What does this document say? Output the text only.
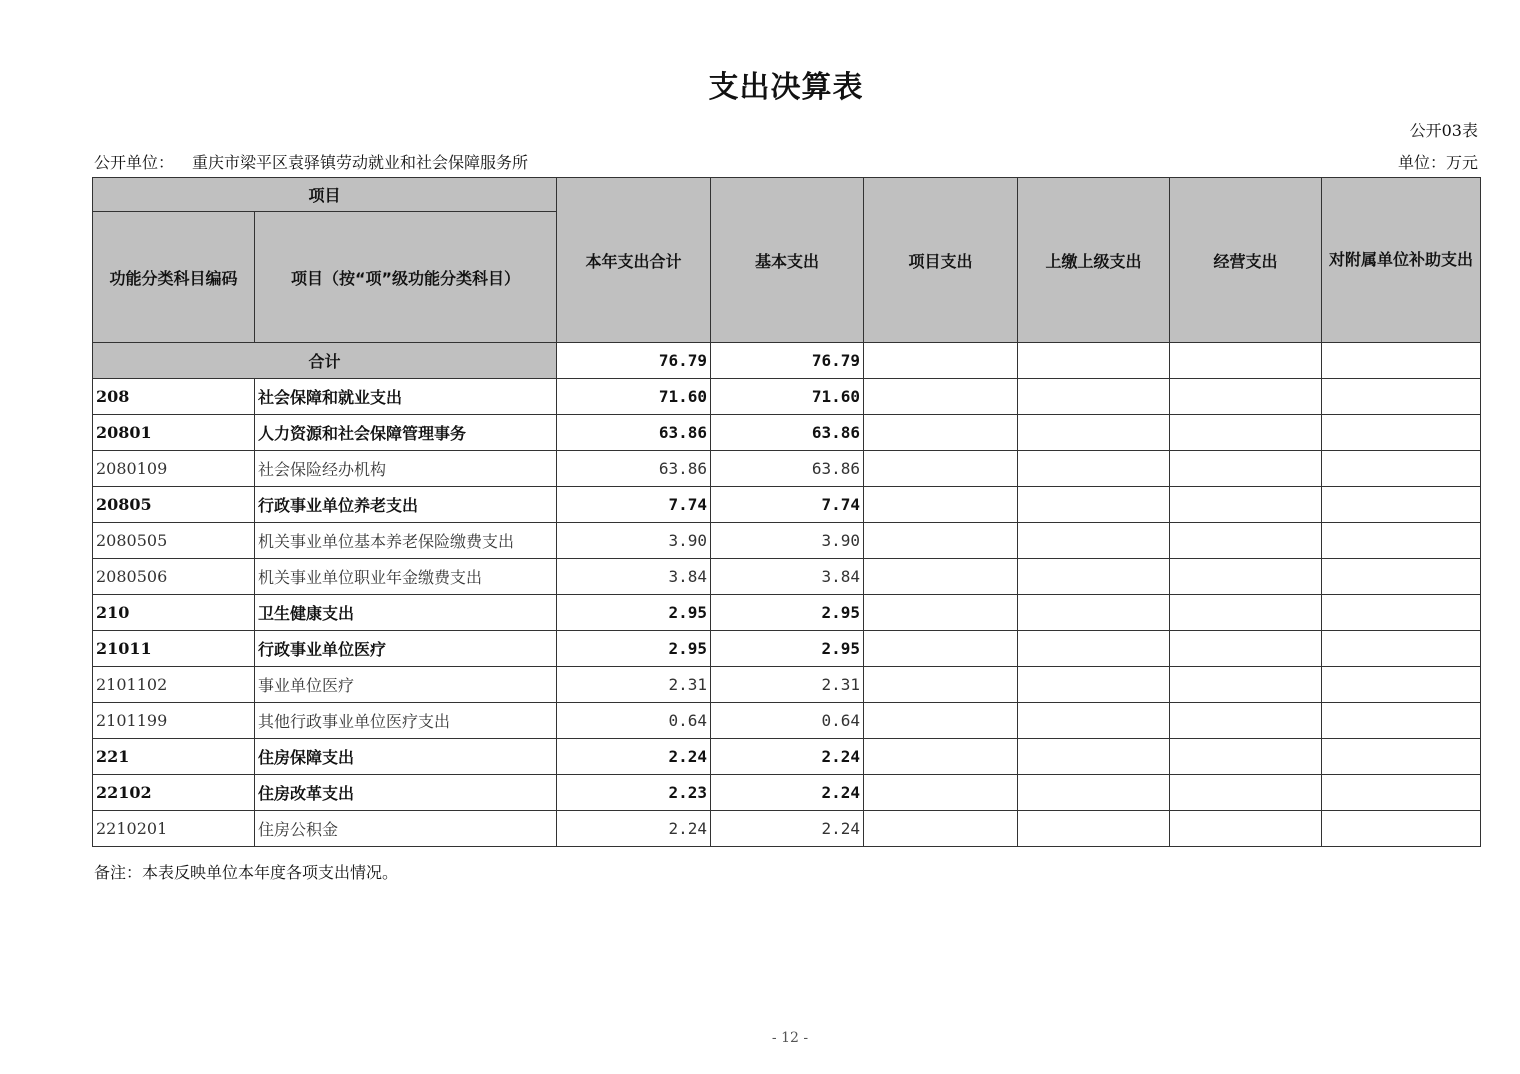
支出决算表
公开03表
公开单位： 重庆市梁平区袁驿镇劳动就业和社会保障服务所	单位：万元
项目		本年支出合计	基本支出	项目支出	上缴上级支出	经营支出	对附属单位补助支出
功能分类科目编码	项目（按“项”级功能分类科目）						
合计		76.79	76.79				
208	社会保障和就业支出	71.60	71.60				
20801	人力资源和社会保障管理事务	63.86	63.86				
2080109	社会保险经办机构	63.86	63.86				
20805	行政事业单位养老支出	7.74	7.74				
2080505	机关事业单位基本养老保险缴费支出	3.90	3.90				
2080506	机关事业单位职业年金缴费支出	3.84	3.84				
210	卫生健康支出	2.95	2.95				
21011	行政事业单位医疗	2.95	2.95				
2101102	事业单位医疗	2.31	2.31				
2101199	其他行政事业单位医疗支出	0.64	0.64				
221	住房保障支出	2.24	2.24				
22102	住房改革支出	2.23	2.24				
2210201	住房公积金	2.24	2.24				
备注：本表反映单位本年度各项支出情况。
- 12 -
